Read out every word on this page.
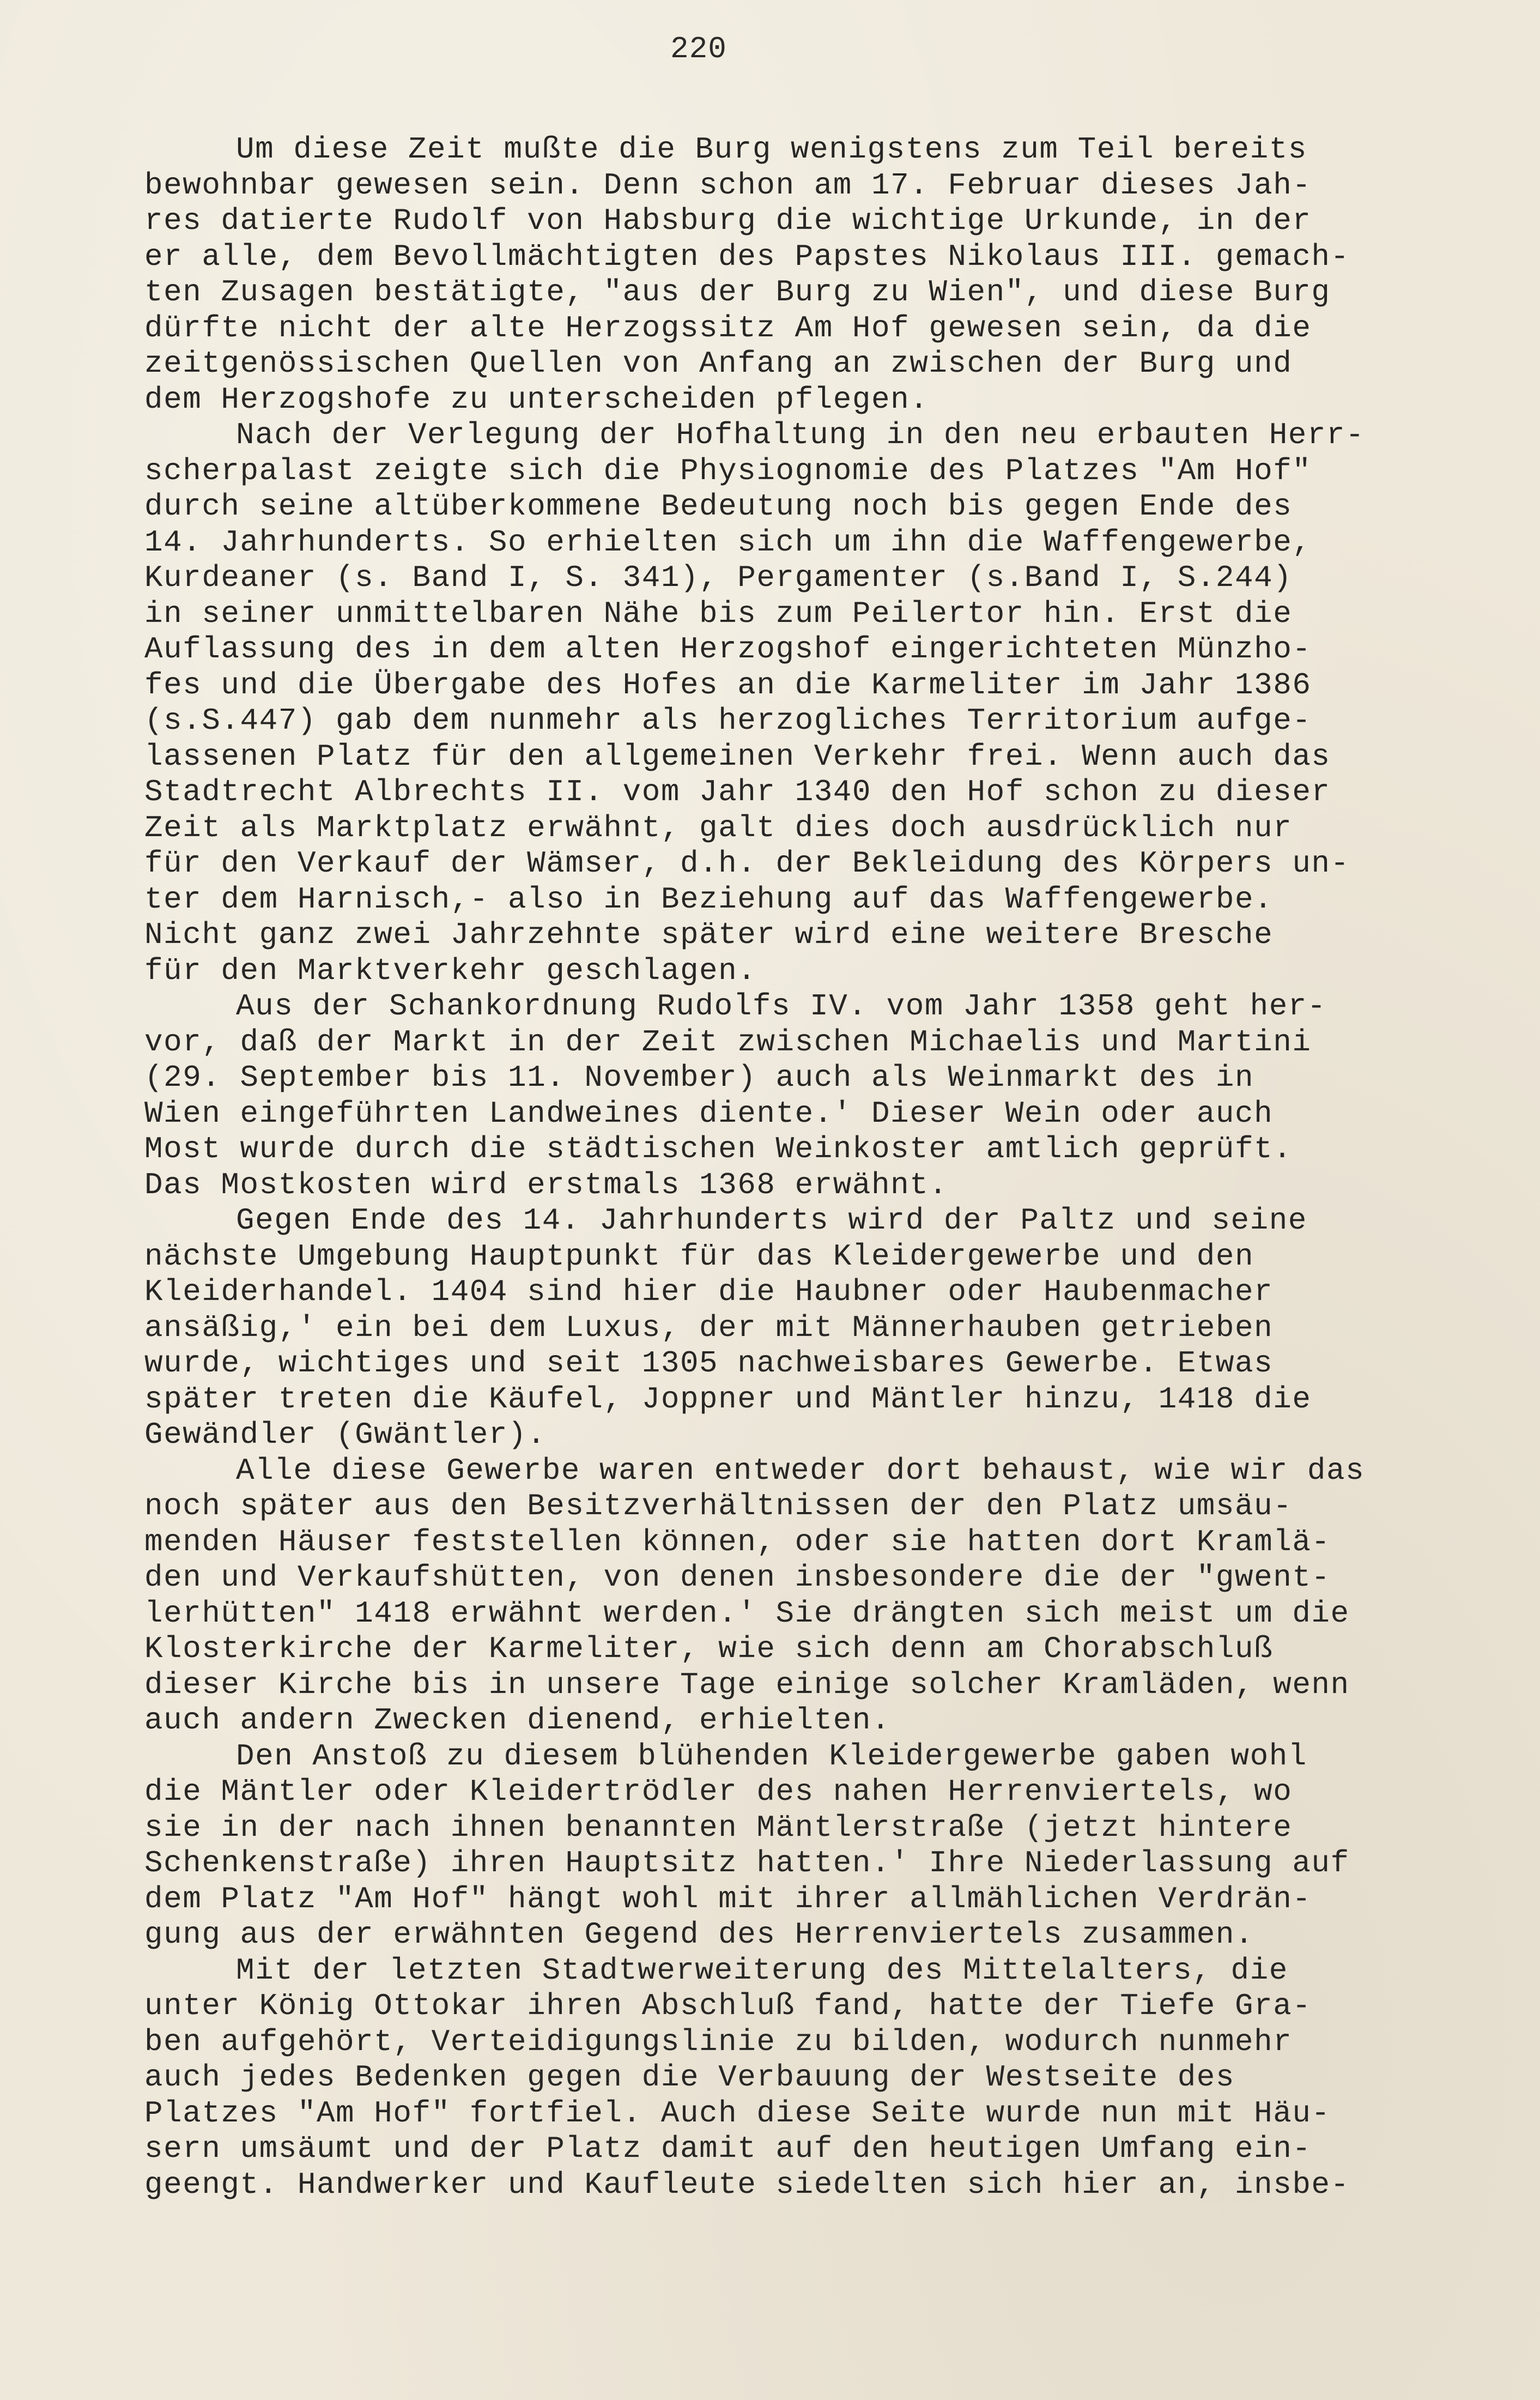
220
Um diese Zeit mußte die Burg wenigstens zum Teil bereits
bewohnbar gewesen sein. Denn schon am 17. Februar dieses Jah-
res datierte Rudolf von Habsburg die wichtige Urkunde, in der
er alle, dem Bevollmächtigten des Papstes Nikolaus III. gemach-
ten Zusagen bestätigte, "aus der Burg zu Wien", und diese Burg
dürfte nicht der alte Herzogssitz Am Hof gewesen sein, da die
zeitgenössischen Quellen von Anfang an zwischen der Burg und
dem Herzogshofe zu unterscheiden pflegen.
Nach der Verlegung der Hofhaltung in den neu erbauten Herr-
scherpalast zeigte sich die Physiognomie des Platzes "Am Hof"
durch seine altüberkommene Bedeutung noch bis gegen Ende des
14. Jahrhunderts. So erhielten sich um ihn die Waffengewerbe,
Kurdeaner (s. Band I, S. 341), Pergamenter (s.Band I, S.244)
in seiner unmittelbaren Nähe bis zum Peilertor hin. Erst die
Auflassung des in dem alten Herzogshof eingerichteten Münzho-
fes und die Übergabe des Hofes an die Karmeliter im Jahr 1386
(s.S.447) gab dem nunmehr als herzogliches Territorium aufge-
lassenen Platz für den allgemeinen Verkehr frei. Wenn auch das
Stadtrecht Albrechts II. vom Jahr 1340 den Hof schon zu dieser
Zeit als Marktplatz erwähnt, galt dies doch ausdrücklich nur
für den Verkauf der Wämser, d.h. der Bekleidung des Körpers un-
ter dem Harnisch,- also in Beziehung auf das Waffengewerbe.
Nicht ganz zwei Jahrzehnte später wird eine weitere Bresche
für den Marktverkehr geschlagen.
Aus der Schankordnung Rudolfs IV. vom Jahr 1358 geht her-
vor, daß der Markt in der Zeit zwischen Michaelis und Martini
(29. September bis 11. November) auch als Weinmarkt des in
Wien eingeführten Landweines diente.' Dieser Wein oder auch
Most wurde durch die städtischen Weinkoster amtlich geprüft.
Das Mostkosten wird erstmals 1368 erwähnt.
Gegen Ende des 14. Jahrhunderts wird der Paltz und seine
nächste Umgebung Hauptpunkt für das Kleidergewerbe und den
Kleiderhandel. 1404 sind hier die Haubner oder Haubenmacher
ansäßig,' ein bei dem Luxus, der mit Männerhauben getrieben
wurde, wichtiges und seit 1305 nachweisbares Gewerbe. Etwas
später treten die Käufel, Joppner und Mäntler hinzu, 1418 die
Gewändler (Gwäntler).
Alle diese Gewerbe waren entweder dort behaust, wie wir das
noch später aus den Besitzverhältnissen der den Platz umsäu-
menden Häuser feststellen können, oder sie hatten dort Kramlä-
den und Verkaufshütten, von denen insbesondere die der "gwent-
lerhütten" 1418 erwähnt werden.' Sie drängten sich meist um die
Klosterkirche der Karmeliter, wie sich denn am Chorabschluß
dieser Kirche bis in unsere Tage einige solcher Kramläden, wenn
auch andern Zwecken dienend, erhielten.
Den Anstoß zu diesem blühenden Kleidergewerbe gaben wohl
die Mäntler oder Kleidertrödler des nahen Herrenviertels, wo
sie in der nach ihnen benannten Mäntlerstraße (jetzt hintere
Schenkenstraße) ihren Hauptsitz hatten.' Ihre Niederlassung auf
dem Platz "Am Hof" hängt wohl mit ihrer allmählichen Verdrän-
gung aus der erwähnten Gegend des Herrenviertels zusammen.
Mit der letzten Stadtwerweiterung des Mittelalters, die
unter König Ottokar ihren Abschluß fand, hatte der Tiefe Gra-
ben aufgehört, Verteidigungslinie zu bilden, wodurch nunmehr
auch jedes Bedenken gegen die Verbauung der Westseite des
Platzes "Am Hof" fortfiel. Auch diese Seite wurde nun mit Häu-
sern umsäumt und der Platz damit auf den heutigen Umfang ein-
geengt. Handwerker und Kaufleute siedelten sich hier an, insbe-
